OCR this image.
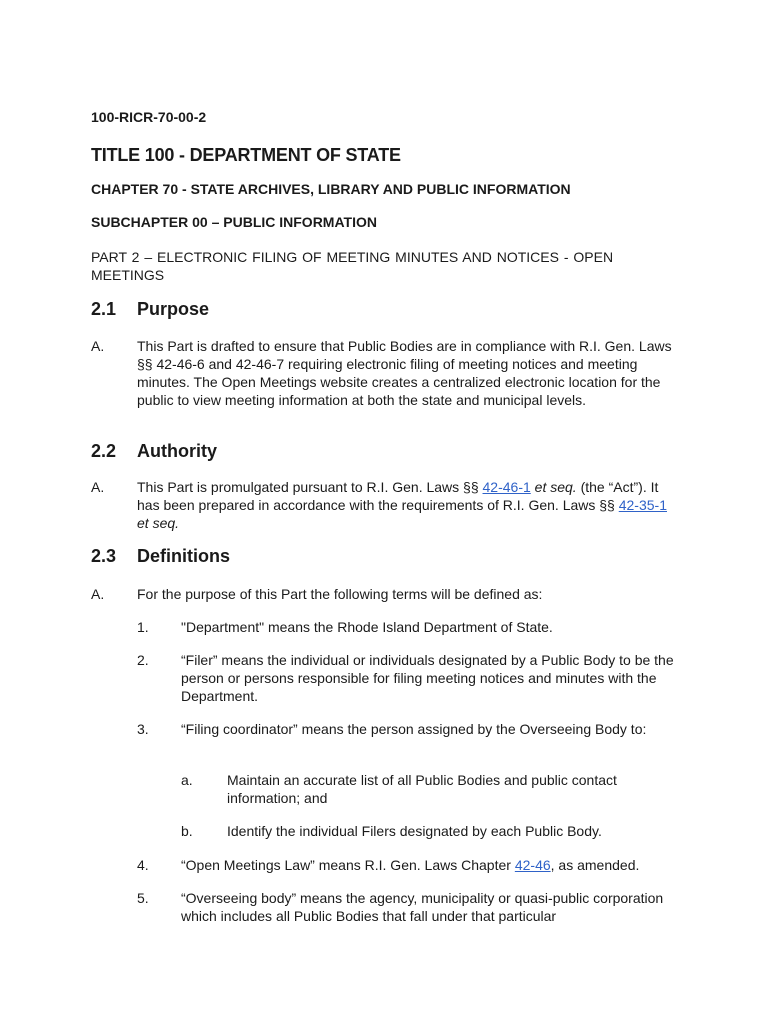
100-RICR-70-00-2
TITLE 100 - DEPARTMENT OF STATE
CHAPTER 70 - STATE ARCHIVES, LIBRARY AND PUBLIC INFORMATION
SUBCHAPTER 00 – PUBLIC INFORMATION
PART 2 – ELECTRONIC FILING OF MEETING MINUTES AND NOTICES - OPEN MEETINGS
2.1 Purpose
A. This Part is drafted to ensure that Public Bodies are in compliance with R.I. Gen. Laws §§ 42-46-6 and 42-46-7 requiring electronic filing of meeting notices and meeting minutes. The Open Meetings website creates a centralized electronic location for the public to view meeting information at both the state and municipal levels.
2.2 Authority
A. This Part is promulgated pursuant to R.I. Gen. Laws §§ 42-46-1 et seq. (the “Act”). It has been prepared in accordance with the requirements of R.I. Gen. Laws §§ 42-35-1 et seq.
2.3 Definitions
A. For the purpose of this Part the following terms will be defined as:
1. "Department" means the Rhode Island Department of State.
2. “Filer” means the individual or individuals designated by a Public Body to be the person or persons responsible for filing meeting notices and minutes with the Department.
3. “Filing coordinator” means the person assigned by the Overseeing Body to:
a. Maintain an accurate list of all Public Bodies and public contact information; and
b. Identify the individual Filers designated by each Public Body.
4. “Open Meetings Law” means R.I. Gen. Laws Chapter 42-46, as amended.
5. “Overseeing body” means the agency, municipality or quasi-public corporation which includes all Public Bodies that fall under that particular
